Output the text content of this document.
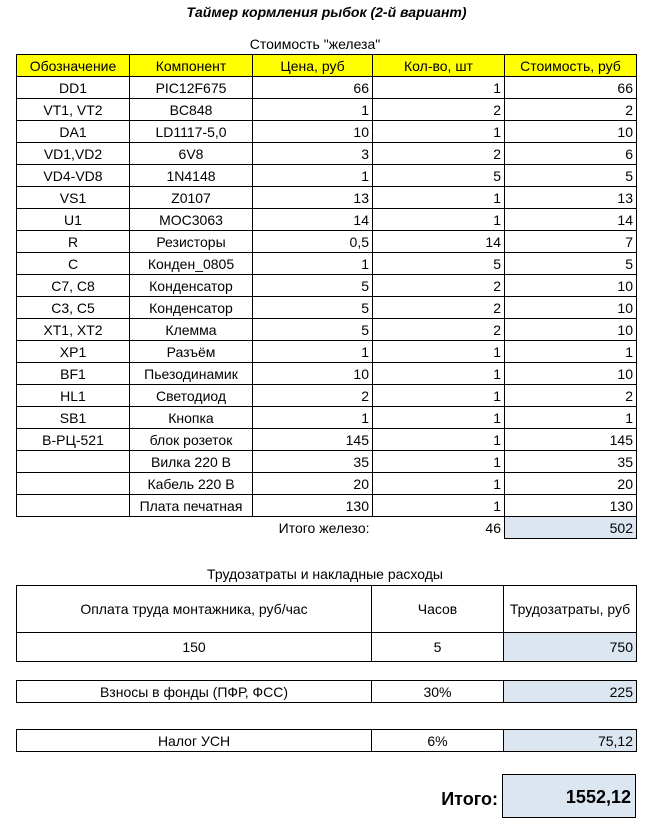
Таймер кормления рыбок (2-й вариант)
Стоимость "железа"
Обозначение	Компонент	Цена, руб	Кол-во, шт	Стоимость, руб
DD1	PIC12F675	66	1	66
VT1, VT2	BC848	1	2	2
DA1	LD1117-5,0	10	1	10
VD1,VD2	6V8	3	2	6
VD4-VD8	1N4148	1	5	5
VS1	Z0107	13	1	13
U1	MOC3063	14	1	14
R	Резисторы	0,5	14	7
C	Конден_0805	1	5	5
C7, C8	Конденсатор	5	2	10
C3, C5	Конденсатор	5	2	10
XT1, XT2	Клемма	5	2	10
XP1	Разъём	1	1	1
BF1	Пьезодинамик	10	1	10
HL1	Светодиод	2	1	2
SB1	Кнопка	1	1	1
B-РЦ-521	блок розеток	145	1	145
	Вилка 220 В	35	1	35
	Кабель 220 В	20	1	20
	Плата печатная	130	1	130
Итого железо:			46	502
Трудозатраты и накладные расходы
Оплата труда монтажника, руб/час	Часов	Трудозатраты, руб
150	5	750
Взносы в фонды (ПФР, ФСС)	30%	225
Налог УСН	6%	75,12
Итого:	1552,12
